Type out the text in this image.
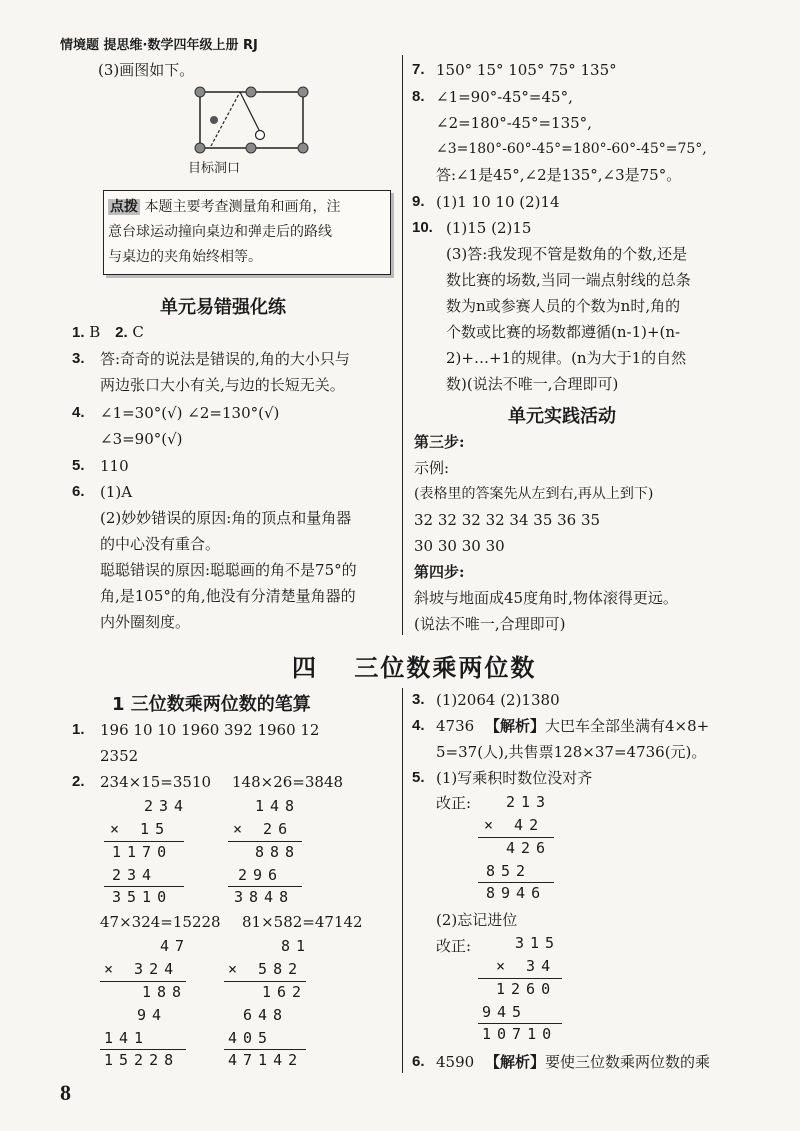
情境题 提思维·数学四年级上册 RJ
(3)画图如下。
目标洞口
点拨 本题主要考查测量角和画角，注
意台球运动撞向桌边和弹走后的路线
与桌边的夹角始终相等。
单元易错强化练
1. B 2. C
3. 答:奇奇的说法是错误的,角的大小只与
两边张口大小有关,与边的长短无关。
4. ∠1=30°(√) ∠2=130°(√)
∠3=90°(√)
5. 110
6. (1)A
(2)妙妙错误的原因:角的顶点和量角器
的中心没有重合。
聪聪错误的原因:聪聪画的角不是75°的
角,是105°的角,他没有分清楚量角器的
内外圈刻度。
7. 150° 15° 105° 75° 135°
8. ∠1=90°-45°=45°,
∠2=180°-45°=135°,
∠3=180°-60°-45°=180°-60°-45°=75°,
答:∠1是45°,∠2是135°,∠3是75°。
9. (1)1 10 10 (2)14
10. (1)15 (2)15
(3)答:我发现不管是数角的个数,还是
数比赛的场数,当同一端点射线的总条
数为n或参赛人员的个数为n时,角的
个数或比赛的场数都遵循(n-1)+(n-
2)+…+1的规律。(n为大于1的自然
数)(说法不唯一,合理即可)
单元实践活动
第三步:
示例:
(表格里的答案先从左到右,再从上到下)
32 32 32 32 34 35 36 35
30 30 30 30
第四步:
斜坡与地面成45度角时,物体滚得更远。
(说法不唯一,合理即可)
四 三位数乘两位数
1 三位数乘两位数的笔算
1. 196 10 10 1960 392 1960 12
2352
2. 234×15=3510 148×26=3848
234
× 15
1170
234
3510
148
× 26
888
296
3848
47×324=15228 81×582=47142
47
× 324
188
94
141
15228
81
× 582
162
648
405
47142
3. (1)2064 (2)1380
4. 4736 【解析】大巴车全部坐满有4×8+
5=37(人),共售票128×37=4736(元)。
5. (1)写乘积时数位没对齐
改正: 213
× 42
426
852
8946
(2)忘记进位
改正:	315
× 34
1260
945
10710
6. 4590 【解析】要使三位数乘两位数的乘
8
